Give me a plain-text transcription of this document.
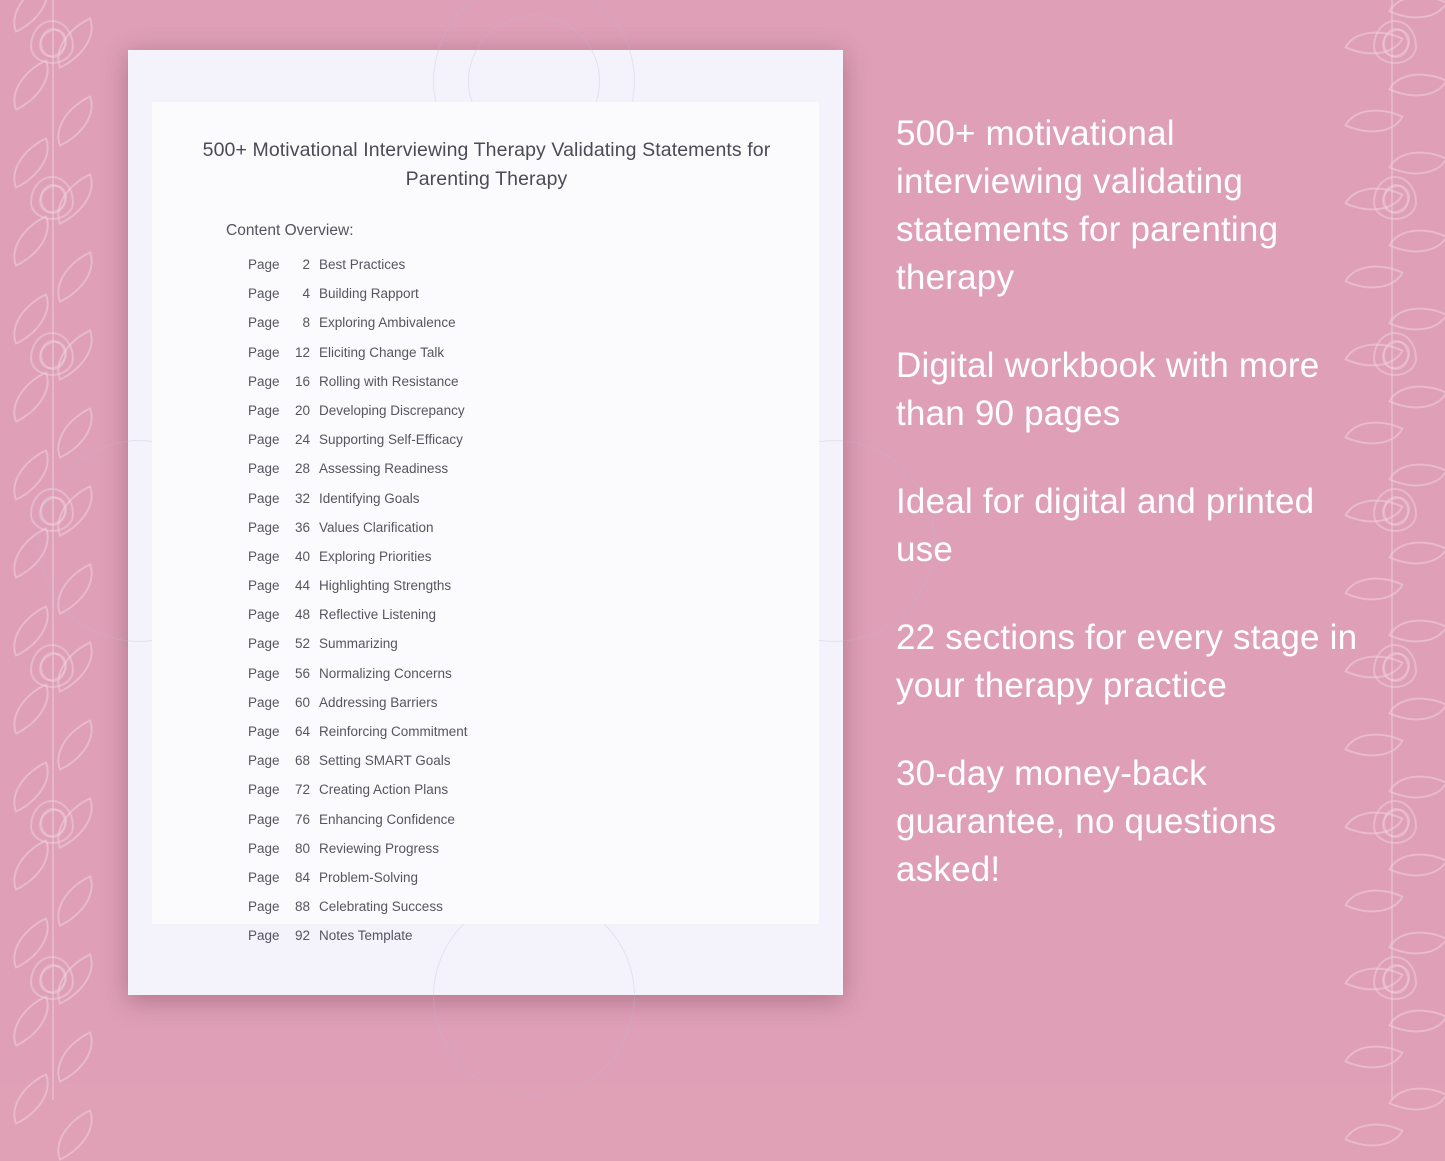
500+ Motivational Interviewing Therapy Validating Statements for Parenting Therapy
Content Overview:
Page	2 Best Practices
Page	4 Building Rapport
Page	8 Exploring Ambivalence
Page	12 Eliciting Change Talk
Page	16 Rolling with Resistance
Page	20 Developing Discrepancy
Page	24 Supporting Self-Efficacy
Page	28 Assessing Readiness
Page	32 Identifying Goals
Page	36 Values Clarification
Page	40 Exploring Priorities
Page	44 Highlighting Strengths
Page	48 Reflective Listening
Page	52 Summarizing
Page	56 Normalizing Concerns
Page	60 Addressing Barriers
Page	64 Reinforcing Commitment
Page	68 Setting SMART Goals
Page	72 Creating Action Plans
Page	76 Enhancing Confidence
Page	80 Reviewing Progress
Page	84 Problem-Solving
Page	88 Celebrating Success
Page	92 Notes Template
500+ motivational interviewing validating statements for parenting therapy
Digital workbook with more than 90 pages
Ideal for digital and printed use
22 sections for every stage in your therapy practice
30-day money-back guarantee, no questions asked!
